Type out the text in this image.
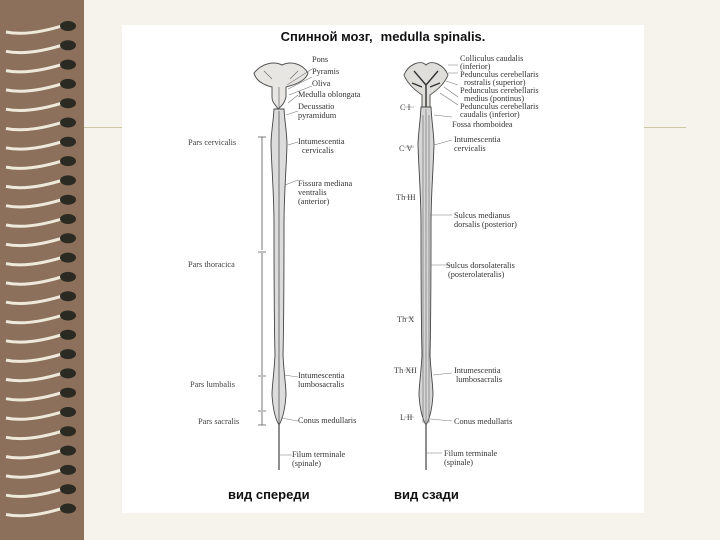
Спинной мозг, medulla spinalis.
Pons
Pyramis
Oliva
Medulla oblongata
Decussatio
pyramidum
Intumescentia
cervicalis
Fissura mediana
ventralis
(anterior)
Intumescentia
lumbosacralis
Conus medullaris
Filum terminale
(spinale)
Pars cervicalis
Pars thoracica
Pars lumbalis
Pars sacralis
Colliculus caudalis
(inferior)
Pedunculus cerebellaris
rostralis (superior)
Pedunculus cerebellaris
medius (pontinus)
Pedunculus cerebellaris
caudalis (inferior)
Fossa rhomboidea
Intumescentia
cervicalis
Sulcus medianus
dorsalis (posterior)
Sulcus dorsolateralis
(posterolateralis)
Intumescentia
lumbosacralis
Conus medullaris
Filum terminale
(spinale)
C I
C V
Th III
Th X
Th XII
L II
вид спереди	вид сзади
